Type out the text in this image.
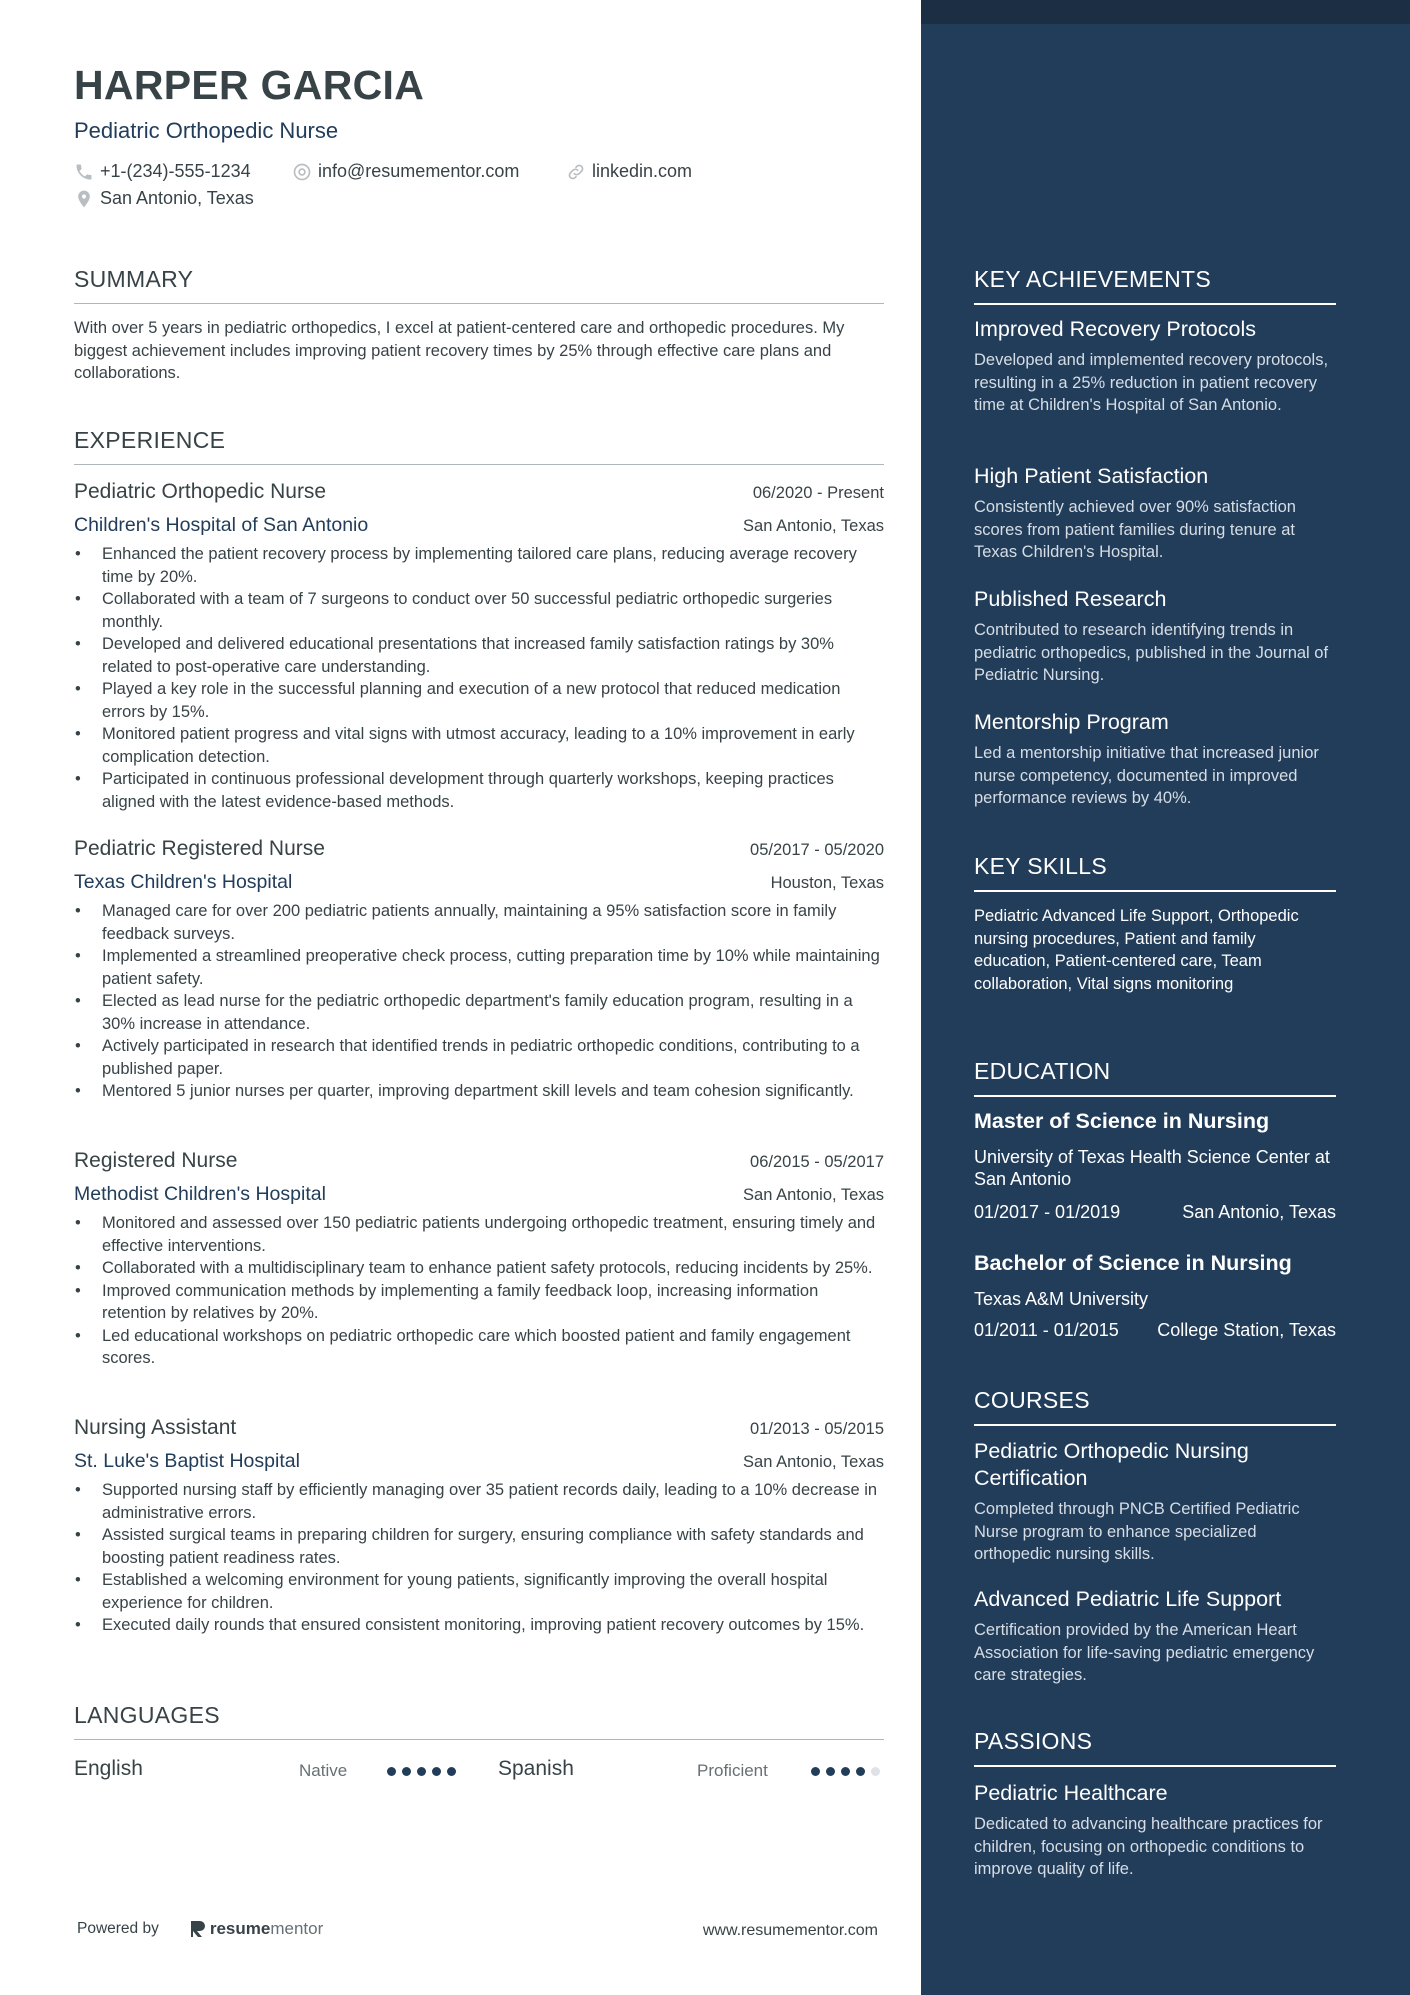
HARPER GARCIA
Pediatric Orthopedic Nurse
+1-(234)-555-1234	info@resumementor.com	linkedin.com
San Antonio, Texas
SUMMARY
With over 5 years in pediatric orthopedics, I excel at patient-centered care and orthopedic procedures. My biggest achievement includes improving patient recovery times by 25% through effective care plans and collaborations.
EXPERIENCE
Pediatric Orthopedic Nurse	06/2020 - Present
Children's Hospital of San Antonio	San Antonio, Texas
• Enhanced the patient recovery process by implementing tailored care plans, reducing average recovery time by 20%.
• Collaborated with a team of 7 surgeons to conduct over 50 successful pediatric orthopedic surgeries monthly.
• Developed and delivered educational presentations that increased family satisfaction ratings by 30% related to post-operative care understanding.
• Played a key role in the successful planning and execution of a new protocol that reduced medication errors by 15%.
• Monitored patient progress and vital signs with utmost accuracy, leading to a 10% improvement in early complication detection.
• Participated in continuous professional development through quarterly workshops, keeping practices aligned with the latest evidence-based methods.
Pediatric Registered Nurse	05/2017 - 05/2020
Texas Children's Hospital	Houston, Texas
• Managed care for over 200 pediatric patients annually, maintaining a 95% satisfaction score in family feedback surveys.
• Implemented a streamlined preoperative check process, cutting preparation time by 10% while maintaining patient safety.
• Elected as lead nurse for the pediatric orthopedic department's family education program, resulting in a 30% increase in attendance.
• Actively participated in research that identified trends in pediatric orthopedic conditions, contributing to a published paper.
• Mentored 5 junior nurses per quarter, improving department skill levels and team cohesion significantly.
Registered Nurse	06/2015 - 05/2017
Methodist Children's Hospital	San Antonio, Texas
• Monitored and assessed over 150 pediatric patients undergoing orthopedic treatment, ensuring timely and effective interventions.
• Collaborated with a multidisciplinary team to enhance patient safety protocols, reducing incidents by 25%.
• Improved communication methods by implementing a family feedback loop, increasing information retention by relatives by 20%.
• Led educational workshops on pediatric orthopedic care which boosted patient and family engagement scores.
Nursing Assistant	01/2013 - 05/2015
St. Luke's Baptist Hospital	San Antonio, Texas
• Supported nursing staff by efficiently managing over 35 patient records daily, leading to a 10% decrease in administrative errors.
• Assisted surgical teams in preparing children for surgery, ensuring compliance with safety standards and boosting patient readiness rates.
• Established a welcoming environment for young patients, significantly improving the overall hospital experience for children.
• Executed daily rounds that ensured consistent monitoring, improving patient recovery outcomes by 15%.
LANGUAGES
English	Native	Spanish	Proficient
Powered by	resume mentor	www.resumementor.com
KEY ACHIEVEMENTS
Improved Recovery Protocols
Developed and implemented recovery protocols, resulting in a 25% reduction in patient recovery time at Children's Hospital of San Antonio.
High Patient Satisfaction
Consistently achieved over 90% satisfaction scores from patient families during tenure at Texas Children's Hospital.
Published Research
Contributed to research identifying trends in pediatric orthopedics, published in the Journal of Pediatric Nursing.
Mentorship Program
Led a mentorship initiative that increased junior nurse competency, documented in improved performance reviews by 40%.
KEY SKILLS
Pediatric Advanced Life Support, Orthopedic nursing procedures, Patient and family education, Patient-centered care, Team collaboration, Vital signs monitoring
EDUCATION
Master of Science in Nursing
University of Texas Health Science Center at San Antonio
01/2017 - 01/2019	San Antonio, Texas
Bachelor of Science in Nursing
Texas A&M University
01/2011 - 01/2015 College Station, Texas
COURSES
Pediatric Orthopedic Nursing Certification
Completed through PNCB Certified Pediatric Nurse program to enhance specialized orthopedic nursing skills.
Advanced Pediatric Life Support
Certification provided by the American Heart Association for life-saving pediatric emergency care strategies.
PASSIONS
Pediatric Healthcare
Dedicated to advancing healthcare practices for children, focusing on orthopedic conditions to improve quality of life.
